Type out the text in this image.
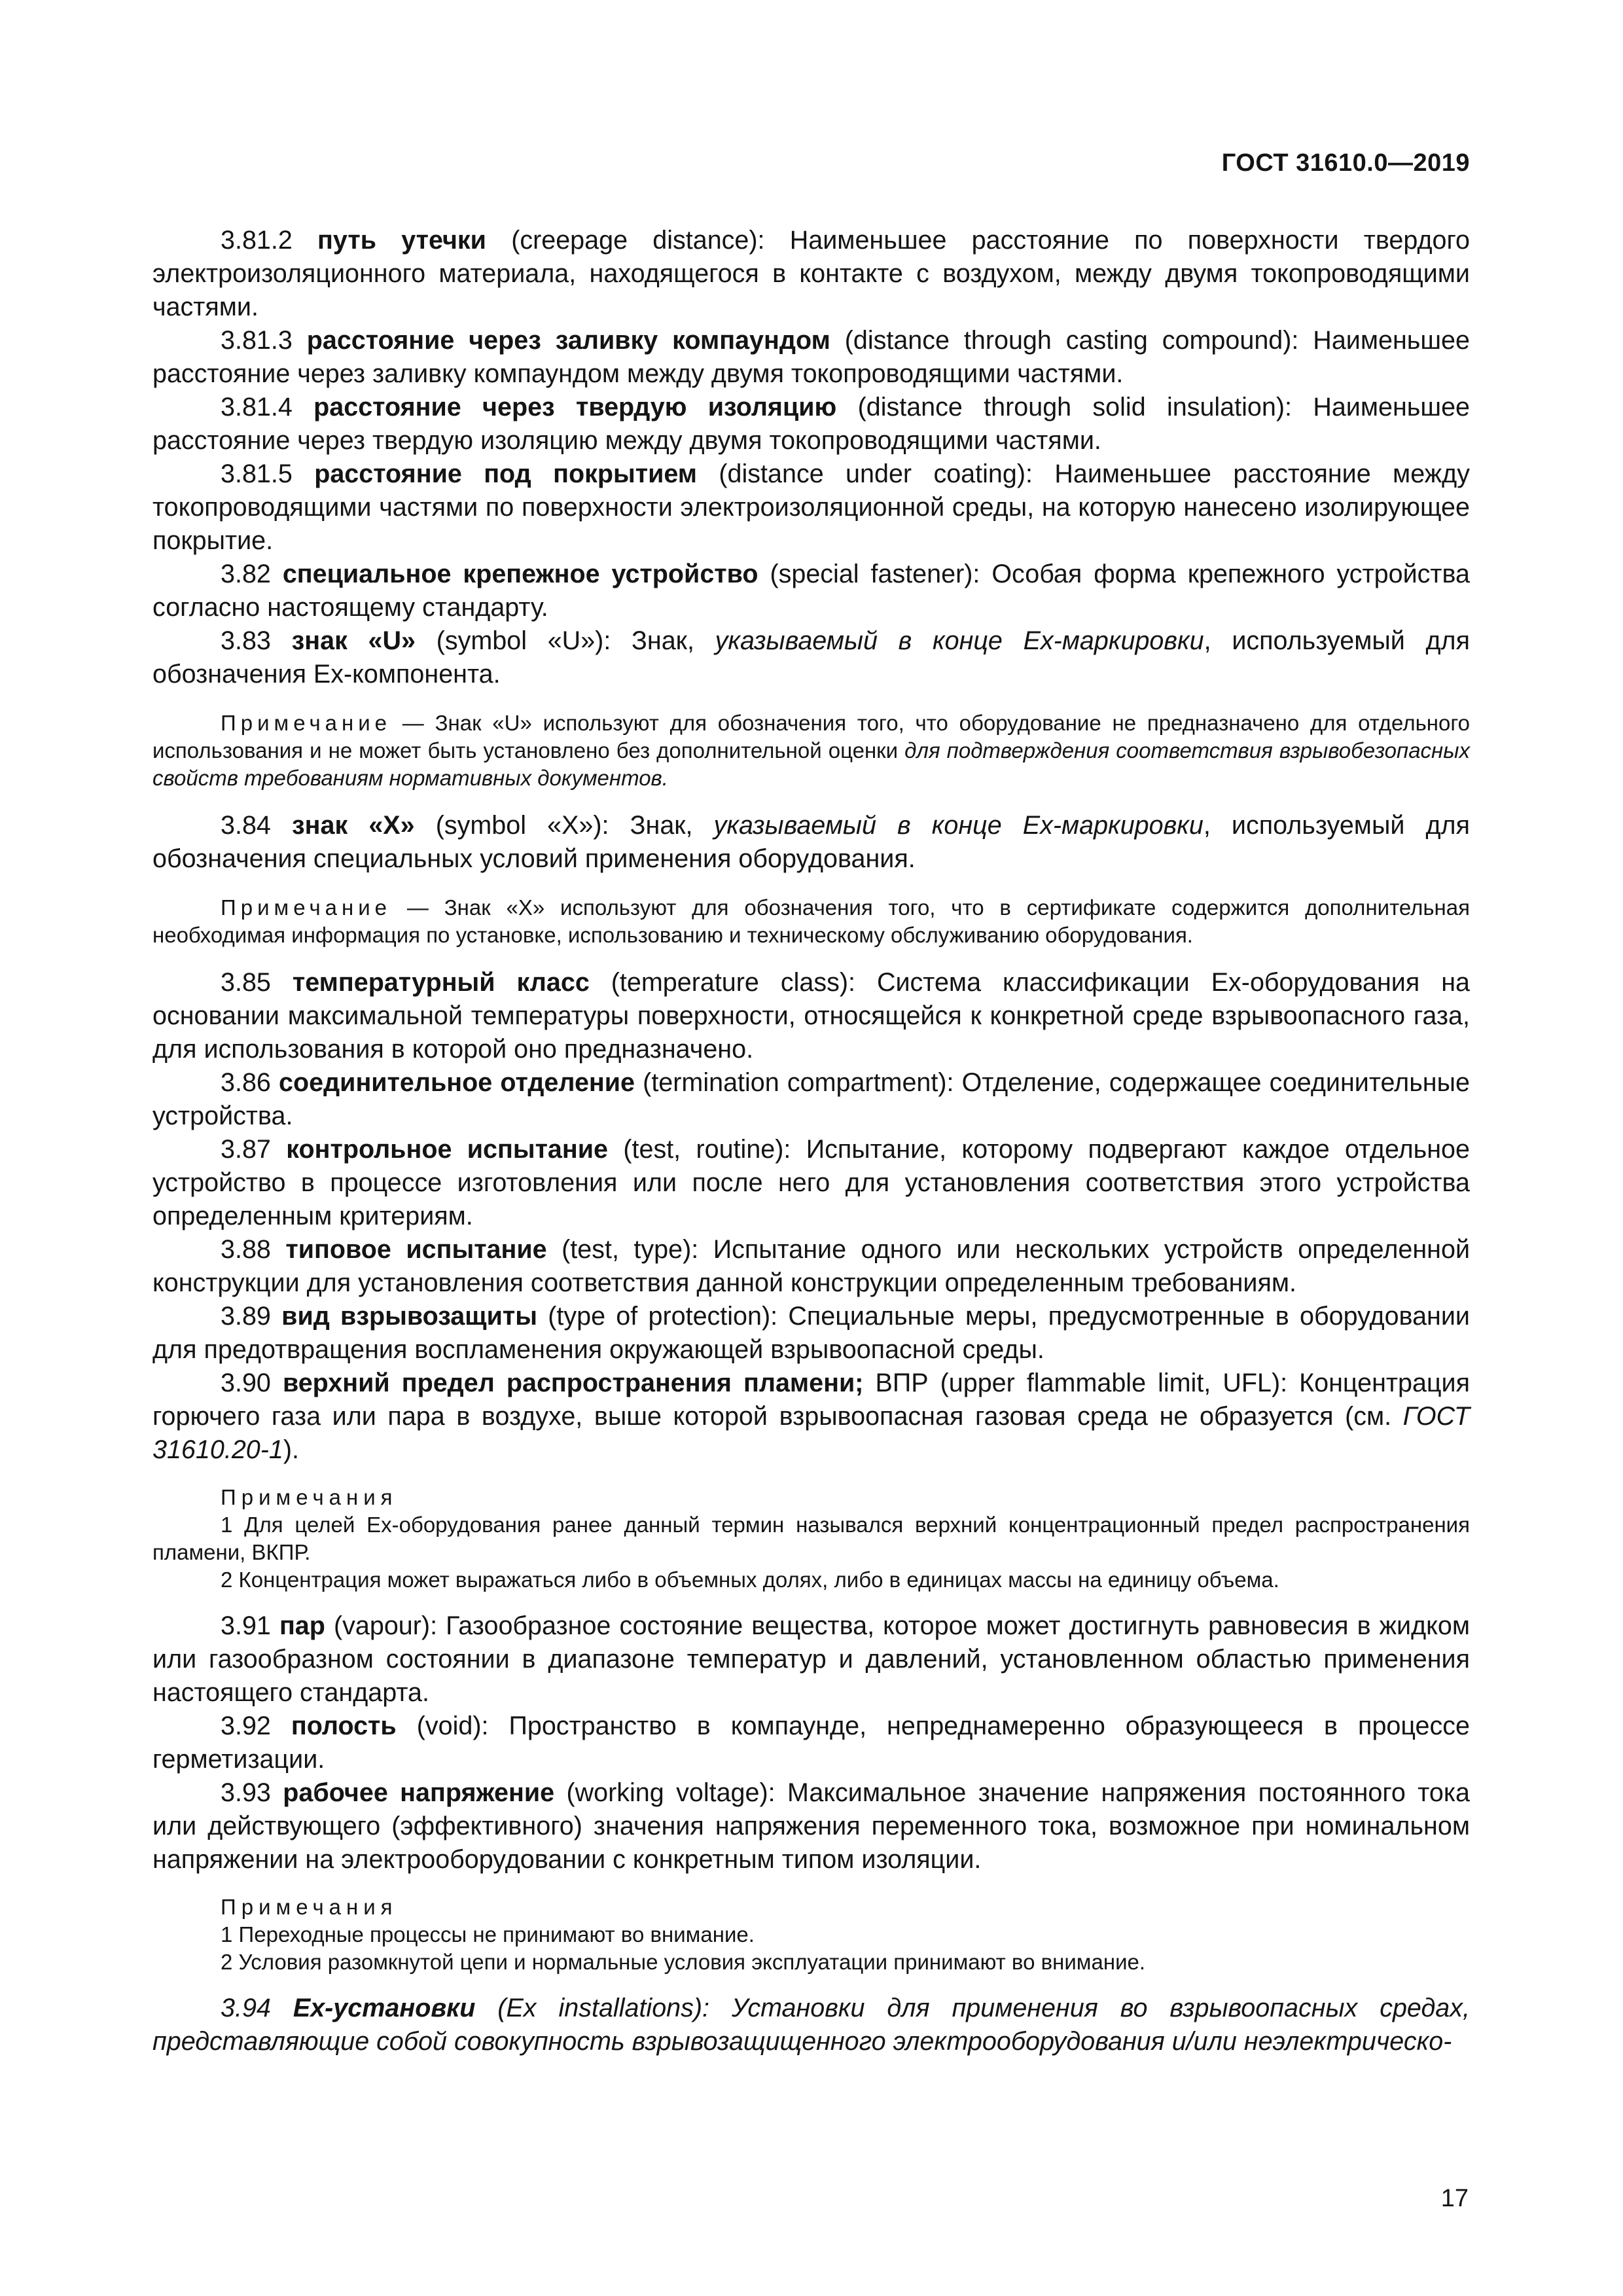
ГОСТ 31610.0—2019

3.81.2 путь утечки (creepage distance): Наименьшее расстояние по поверхности твердого электроизоляционного материала, находящегося в контакте с воздухом, между двумя токопроводящими частями.

3.81.3 расстояние через заливку компаундом (distance through casting compound): Наименьшее расстояние через заливку компаундом между двумя токопроводящими частями.

3.81.4 расстояние через твердую изоляцию (distance through solid insulation): Наименьшее расстояние через твердую изоляцию между двумя токопроводящими частями.

3.81.5 расстояние под покрытием (distance under coating): Наименьшее расстояние между токопроводящими частями по поверхности электроизоляционной среды, на которую нанесено изолирующее покрытие.

3.82 специальное крепежное устройство (special fastener): Особая форма крепежного устройства согласно настоящему стандарту.

3.83 знак «U» (symbol «U»): Знак, указываемый в конце Ex-маркировки, используемый для обозначения Ex-компонента.

Примечание — Знак «U» используют для обозначения того, что оборудование не предназначено для отдельного использования и не может быть установлено без дополнительной оценки для подтверждения соответствия взрывобезопасных свойств требованиям нормативных документов.

3.84 знак «X» (symbol «X»): Знак, указываемый в конце Ex-маркировки, используемый для обозначения специальных условий применения оборудования.

Примечание — Знак «X» используют для обозначения того, что в сертификате содержится дополнительная необходимая информация по установке, использованию и техническому обслуживанию оборудования.

3.85 температурный класс (temperature class): Система классификации Ex-оборудования на основании максимальной температуры поверхности, относящейся к конкретной среде взрывоопасного газа, для использования в которой оно предназначено.

3.86 соединительное отделение (termination compartment): Отделение, содержащее соединительные устройства.

3.87 контрольное испытание (test, routine): Испытание, которому подвергают каждое отдельное устройство в процессе изготовления или после него для установления соответствия этого устройства определенным критериям.

3.88 типовое испытание (test, type): Испытание одного или нескольких устройств определенной конструкции для установления соответствия данной конструкции определенным требованиям.

3.89 вид взрывозащиты (type of protection): Специальные меры, предусмотренные в оборудовании для предотвращения воспламенения окружающей взрывоопасной среды.

3.90 верхний предел распространения пламени; ВПР (upper flammable limit, UFL): Концентрация горючего газа или пара в воздухе, выше которой взрывоопасная газовая среда не образуется (см. ГОСТ 31610.20-1).

Примечания

1 Для целей Ex-оборудования ранее данный термин назывался верхний концентрационный предел распространения пламени, ВКПР.

2 Концентрация может выражаться либо в объемных долях, либо в единицах массы на единицу объема.

3.91 пар (vapour): Газообразное состояние вещества, которое может достигнуть равновесия в жидком или газообразном состоянии в диапазоне температур и давлений, установленном областью применения настоящего стандарта.

3.92 полость (void): Пространство в компаунде, непреднамеренно образующееся в процессе герметизации.

3.93 рабочее напряжение (working voltage): Максимальное значение напряжения постоянного тока или действующего (эффективного) значения напряжения переменного тока, возможное при номинальном напряжении на электрооборудовании с конкретным типом изоляции.

Примечания

1 Переходные процессы не принимают во внимание.

2 Условия разомкнутой цепи и нормальные условия эксплуатации принимают во внимание.

3.94 Ex-установки (Ex installations): Установки для применения во взрывоопасных средах, представляющие собой совокупность взрывозащищенного электрооборудования и/или неэлектрическо-

17
